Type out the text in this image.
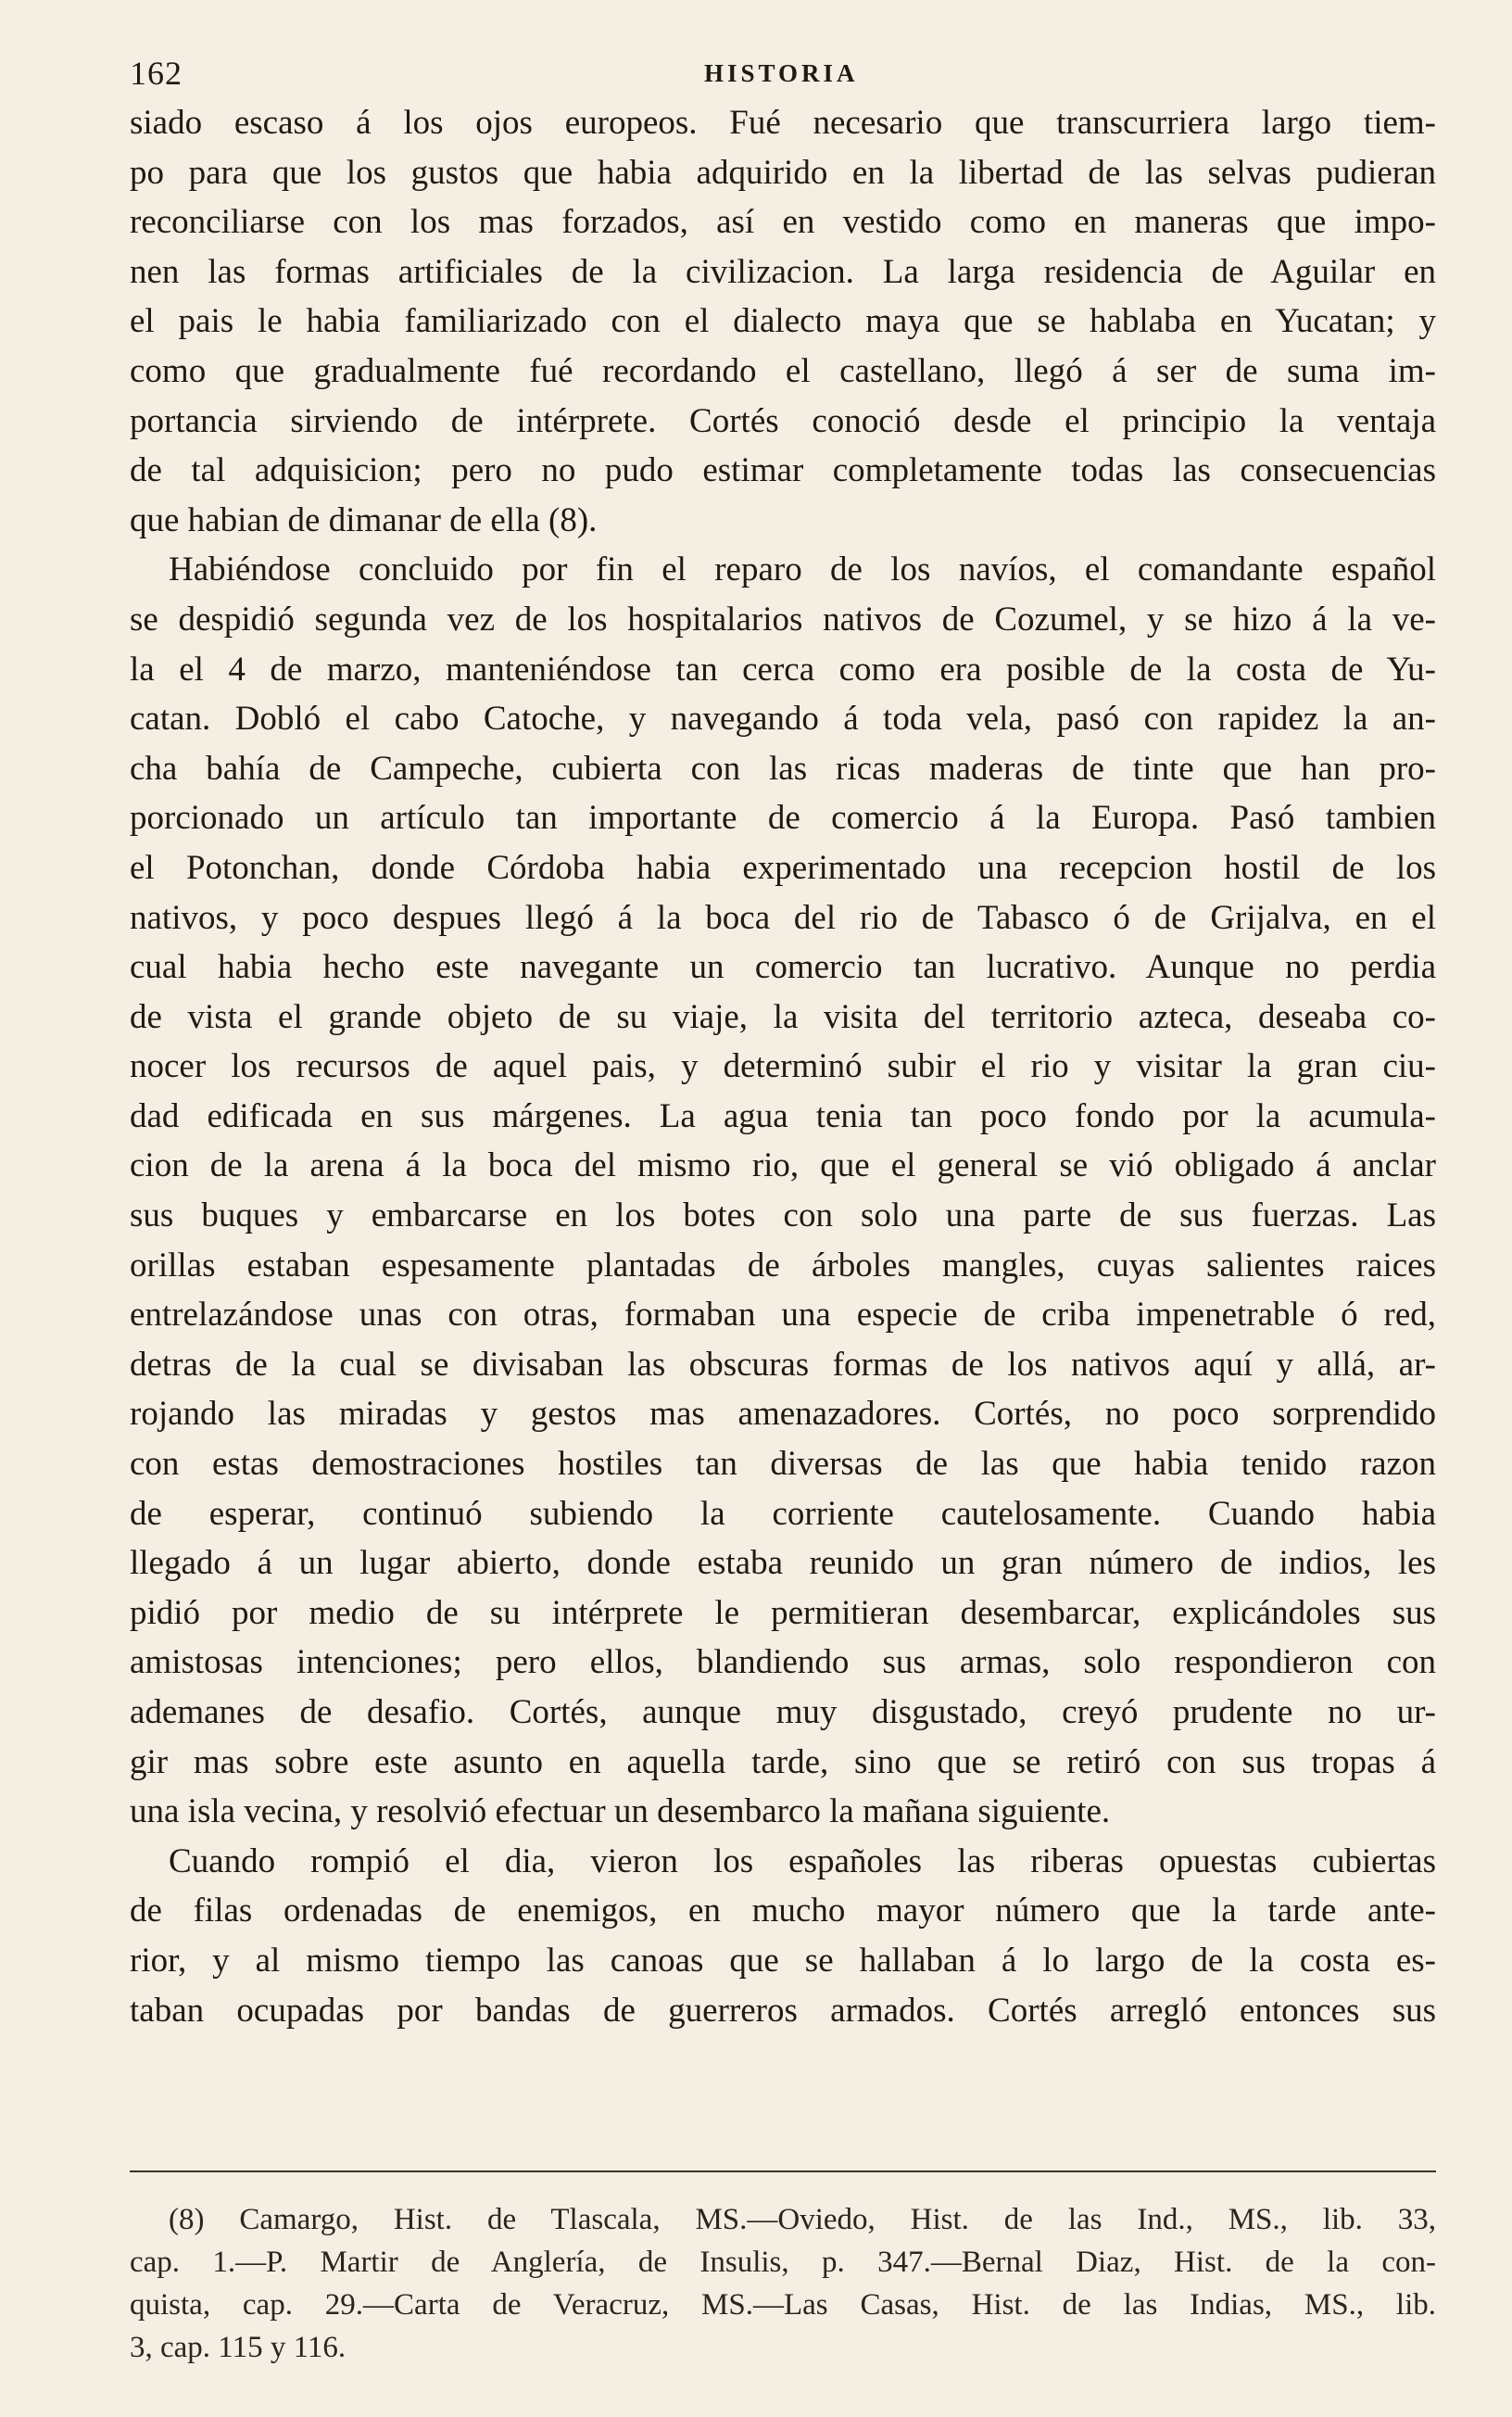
162	HISTORIA
siado escaso á los ojos europeos. Fué necesario que transcurriera largo tiem-
po para que los gustos que habia adquirido en la libertad de las selvas pudieran
reconciliarse con los mas forzados, así en vestido como en maneras que impo-
nen las formas artificiales de la civilizacion. La larga residencia de Aguilar en
el pais le habia familiarizado con el dialecto maya que se hablaba en Yucatan; y
como que gradualmente fué recordando el castellano, llegó á ser de suma im-
portancia sirviendo de intérprete. Cortés conoció desde el principio la ventaja
de tal adquisicion; pero no pudo estimar completamente todas las consecuencias
que habian de dimanar de ella (8).
Habiéndose concluido por fin el reparo de los navíos, el comandante español
se despidió segunda vez de los hospitalarios nativos de Cozumel, y se hizo á la ve-
la el 4 de marzo, manteniéndose tan cerca como era posible de la costa de Yu-
catan. Dobló el cabo Catoche, y navegando á toda vela, pasó con rapidez la an-
cha bahía de Campeche, cubierta con las ricas maderas de tinte que han pro-
porcionado un artículo tan importante de comercio á la Europa. Pasó tambien
el Potonchan, donde Córdoba habia experimentado una recepcion hostil de los
nativos, y poco despues llegó á la boca del rio de Tabasco ó de Grijalva, en el
cual habia hecho este navegante un comercio tan lucrativo. Aunque no perdia
de vista el grande objeto de su viaje, la visita del territorio azteca, deseaba co-
nocer los recursos de aquel pais, y determinó subir el rio y visitar la gran ciu-
dad edificada en sus márgenes. La agua tenia tan poco fondo por la acumula-
cion de la arena á la boca del mismo rio, que el general se vió obligado á anclar
sus buques y embarcarse en los botes con solo una parte de sus fuerzas. Las
orillas estaban espesamente plantadas de árboles mangles, cuyas salientes raices
entrelazándose unas con otras, formaban una especie de criba impenetrable ó red,
detras de la cual se divisaban las obscuras formas de los nativos aquí y allá, ar-
rojando las miradas y gestos mas amenazadores. Cortés, no poco sorprendido
con estas demostraciones hostiles tan diversas de las que habia tenido razon
de esperar, continuó subiendo la corriente cautelosamente. Cuando habia
llegado á un lugar abierto, donde estaba reunido un gran número de indios, les
pidió por medio de su intérprete le permitieran desembarcar, explicándoles sus
amistosas intenciones; pero ellos, blandiendo sus armas, solo respondieron con
ademanes de desafio. Cortés, aunque muy disgustado, creyó prudente no ur-
gir mas sobre este asunto en aquella tarde, sino que se retiró con sus tropas á
una isla vecina, y resolvió efectuar un desembarco la mañana siguiente.
Cuando rompió el dia, vieron los españoles las riberas opuestas cubiertas
de filas ordenadas de enemigos, en mucho mayor número que la tarde ante-
rior, y al mismo tiempo las canoas que se hallaban á lo largo de la costa es-
taban ocupadas por bandas de guerreros armados. Cortés arregló entonces sus
(8) Camargo, Hist. de Tlascala, MS.—Oviedo, Hist. de las Ind., MS., lib. 33,
cap. 1.—P. Martir de Anglería, de Insulis, p. 347.—Bernal Diaz, Hist. de la con-
quista, cap. 29.—Carta de Veracruz, MS.—Las Casas, Hist. de las Indias, MS., lib.
3, cap. 115 y 116.
